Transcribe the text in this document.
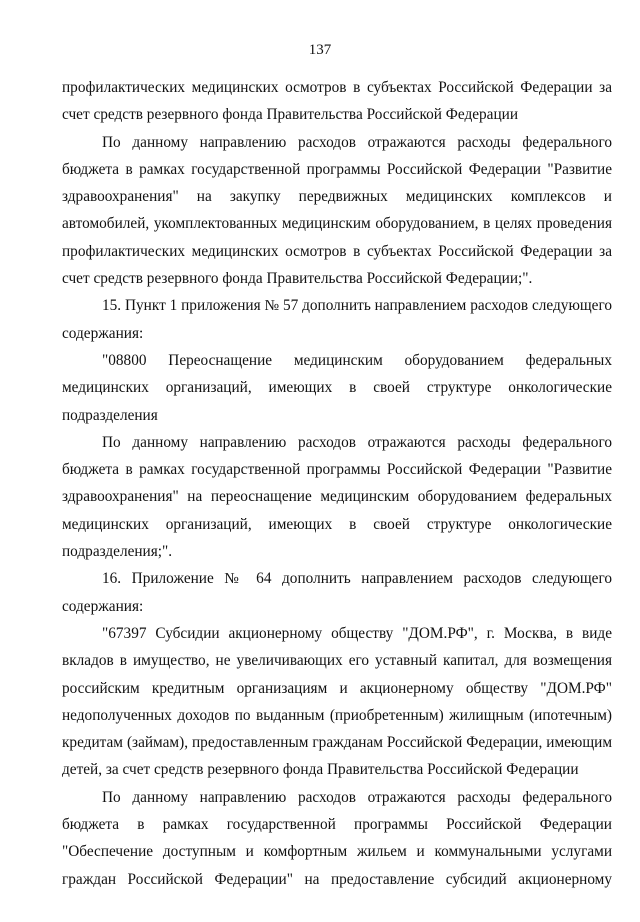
137

профилактических медицинских осмотров в субъектах Российской Федерации за счет средств резервного фонда Правительства Российской Федерации

По данному направлению расходов отражаются расходы федерального бюджета в рамках государственной программы Российской Федерации "Развитие здравоохранения" на закупку передвижных медицинских комплексов и автомобилей, укомплектованных медицинским оборудованием, в целях проведения профилактических медицинских осмотров в субъектах Российской Федерации за счет средств резервного фонда Правительства Российской Федерации;".

15. Пункт 1 приложения № 57 дополнить направлением расходов следующего содержания:

"08800 Переоснащение медицинским оборудованием федеральных медицинских организаций, имеющих в своей структуре онкологические подразделения

По данному направлению расходов отражаются расходы федерального бюджета в рамках государственной программы Российской Федерации "Развитие здравоохранения" на переоснащение медицинским оборудованием федеральных медицинских организаций, имеющих в своей структуре онкологические подразделения;".

16. Приложение № 64 дополнить направлением расходов следующего содержания:

"67397 Субсидии акционерному обществу "ДОМ.РФ", г. Москва, в виде вкладов в имущество, не увеличивающих его уставный капитал, для возмещения российским кредитным организациям и акционерному обществу "ДОМ.РФ" недополученных доходов по выданным (приобретенным) жилищным (ипотечным) кредитам (займам), предоставленным гражданам Российской Федерации, имеющим детей, за счет средств резервного фонда Правительства Российской Федерации

По данному направлению расходов отражаются расходы федерального бюджета в рамках государственной программы Российской Федерации "Обеспечение доступным и комфортным жильем и коммунальными услугами граждан Российской Федерации" на предоставление субсидий акционерному
